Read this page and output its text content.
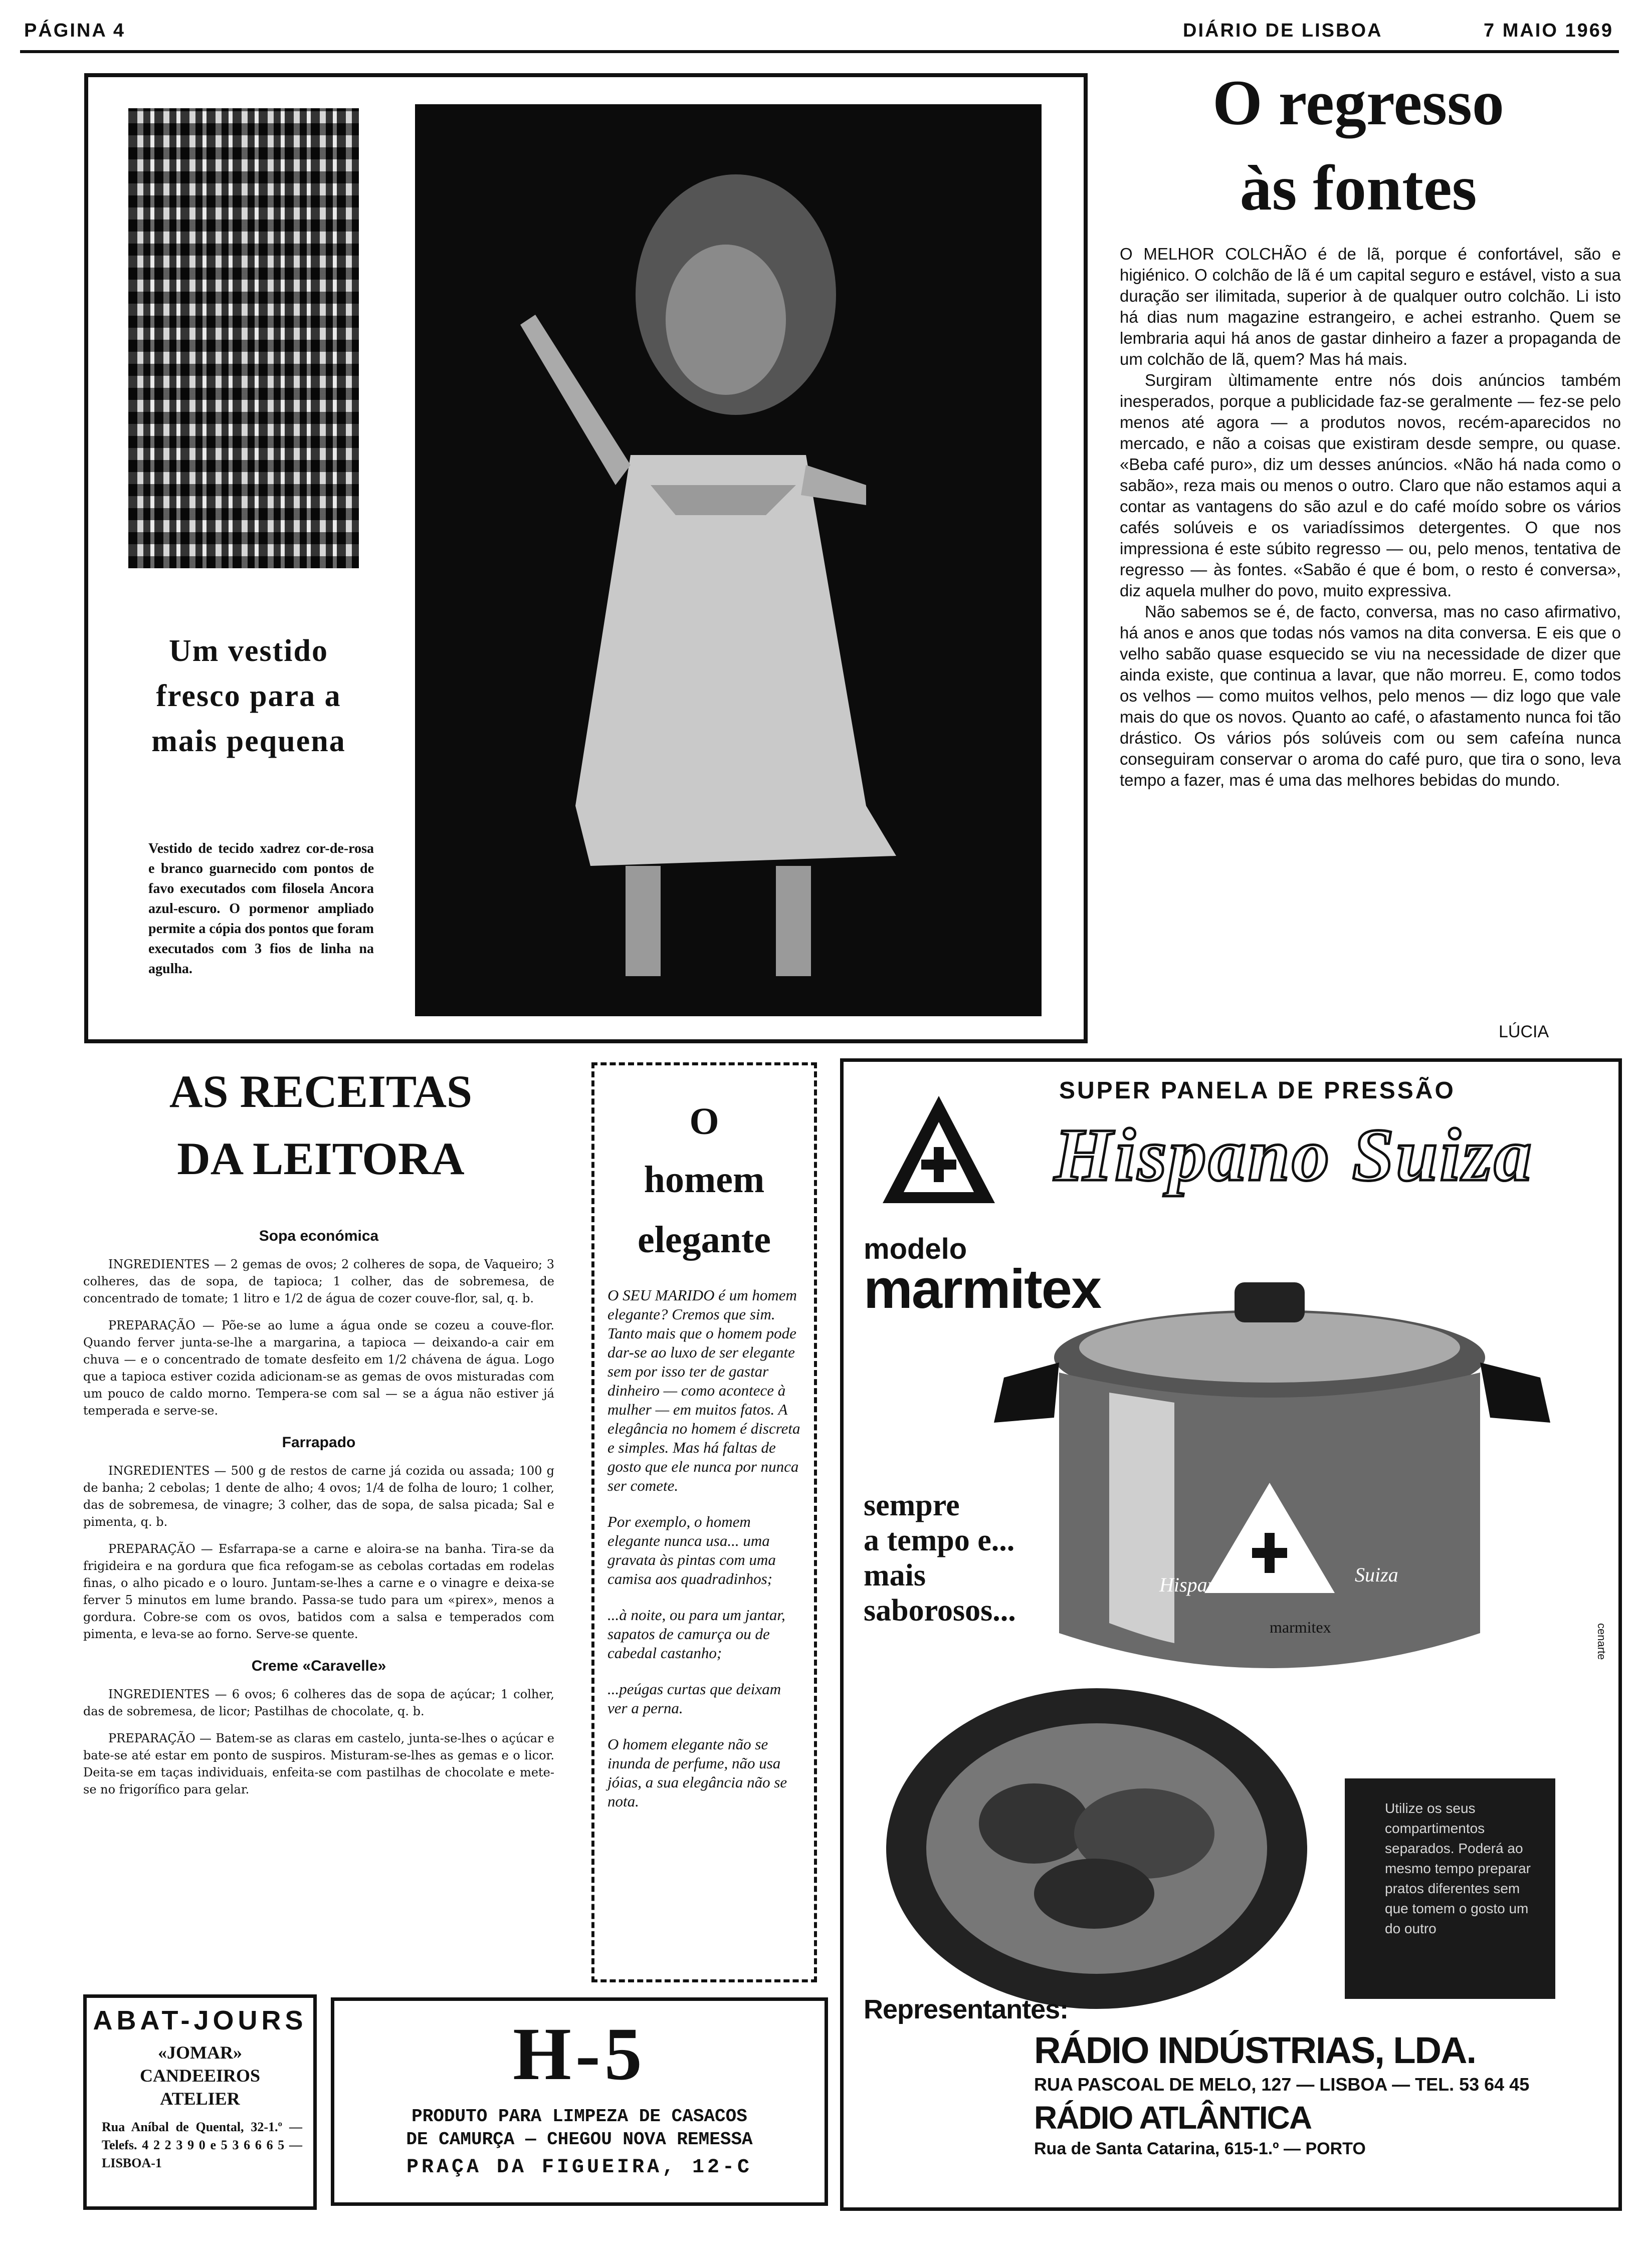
PÁGINA 4	DIÁRIO DE LISBOA	7 MAIO 1969
Um vestido fresco para a mais pequena
Vestido de tecido xadrez cor-de-rosa e branco guarnecido com pontos de favo executados com filosela Ancora azul-escuro. O pormenor ampliado permite a cópia dos pontos que foram executados com 3 fios de linha na agulha.
O regresso
às fontes

O MELHOR COLCHÃO é de lã, porque é confortável, são e higiénico. O colchão de lã é um capital seguro e estável, visto a sua duração ser ilimitada, superior à de qualquer outro colchão. Li isto há dias num magazine estrangeiro, e achei estranho. Quem se lembraria aqui há anos de gastar dinheiro a fazer a propaganda de um colchão de lã, quem? Mas há mais.

Surgiram ùltimamente entre nós dois anúncios também inesperados, porque a publicidade faz-se geralmente — fez-se pelo menos até agora — a produtos novos, recém-aparecidos no mercado, e não a coisas que existiram desde sempre, ou quase. «Beba café puro», diz um desses anúncios. «Não há nada como o sabão», reza mais ou menos o outro. Claro que não estamos aqui a contar as vantagens do são azul e do café moído sobre os vários cafés solúveis e os variadíssimos detergentes. O que nos impressiona é este súbito regresso — ou, pelo menos, tentativa de regresso — às fontes. «Sabão é que é bom, o resto é conversa», diz aquela mulher do povo, muito expressiva.

Não sabemos se é, de facto, conversa, mas no caso afirmativo, há anos e anos que todas nós vamos na dita conversa. E eis que o velho sabão quase esquecido se viu na necessidade de dizer que ainda existe, que continua a lavar, que não morreu. E, como todos os velhos — como muitos velhos, pelo menos — diz logo que vale mais do que os novos. Quanto ao café, o afastamento nunca foi tão drástico. Os vários pós solúveis com ou sem cafeína nunca conseguiram conservar o aroma do café puro, que tira o sono, leva tempo a fazer, mas é uma das melhores bebidas do mundo.

LÚCIA
AS RECEITAS
DA LEITORA
Sopa económica

INGREDIENTES — 2 gemas de ovos; 2 colheres de sopa, de Vaqueiro; 3 colheres, das de sopa, de tapioca; 1 colher, das de sobremesa, de concentrado de tomate; 1 litro e 1/2 de água de cozer couve-flor, sal, q. b.

PREPARAÇÃO — Põe-se ao lume a água onde se cozeu a couve-flor. Quando ferver junta-se-lhe a margarina, a tapioca — deixando-a cair em chuva — e o concentrado de tomate desfeito em 1/2 chávena de água. Logo que a tapioca estiver cozida adicionam-se as gemas de ovos misturadas com um pouco de caldo morno. Tempera-se com sal — se a água não estiver já temperada e serve-se.

Farrapado

INGREDIENTES — 500 g de restos de carne já cozida ou assada; 100 g de banha; 2 cebolas; 1 dente de alho; 4 ovos; 1/4 de folha de louro; 1 colher, das de sobremesa, de vinagre; 3 colher, das de sopa, de salsa picada; Sal e pimenta, q. b.

PREPARAÇÃO — Esfarrapa-se a carne e aloira-se na banha. Tira-se da frigideira e na gordura que fica refogam-se as cebolas cortadas em rodelas finas, o alho picado e o louro. Juntam-se-lhes a carne e o vinagre e deixa-se ferver 5 minutos em lume brando. Passa-se tudo para um «pirex», menos a gordura. Cobre-se com os ovos, batidos com a salsa e temperados com pimenta, e leva-se ao forno. Serve-se quente.

Creme «Caravelle»

INGREDIENTES — 6 ovos; 6 colheres das de sopa de açúcar; 1 colher, das de sobremesa, de licor; Pastilhas de chocolate, q. b.

PREPARAÇÃO — Batem-se as claras em castelo, junta-se-lhes o açúcar e bate-se até estar em ponto de suspiros. Misturam-se-lhes as gemas e o licor. Deita-se em taças individuais, enfeita-se com pastilhas de chocolate e mete-se no frigorífico para gelar.

O
homem
elegante

O SEU MARIDO é um homem elegante? Cremos que sim. Tanto mais que o homem pode dar-se ao luxo de ser elegante sem por isso ter de gastar dinheiro — como acontece à mulher — em muitos fatos. A elegância no homem é discreta e simples. Mas há faltas de gosto que ele nunca por nunca ser comete.

Por exemplo, o homem elegante nunca usa... uma gravata às pintas com uma camisa aos quadradinhos;

...à noite, ou para um jantar, sapatos de camurça ou de cabedal castanho;

...peúgas curtas que deixam ver a perna.

O homem elegante não se inunda de perfume, não usa jóias, a sua elegância não se nota.

SUPER PANELA DE PRESSÃO
Hispano Suiza
modelo
marmitex
sempre
a tempo e...
mais
saborosos...
Hispano	Suiza
marmitex
Utilize os seus compartimentos separados. Poderá ao mesmo tempo preparar pratos diferentes sem que tomem o gosto um do outro
cenarte
Representantes:
RÁDIO INDÚSTRIAS, LDA.
RUA PASCOAL DE MELO, 127 — LISBOA — TEL. 53 64 45
RÁDIO ATLÂNTICA
Rua de Santa Catarina, 615-1.º — PORTO
ABAT-JOURS
«JOMAR»
CANDEEIROS
ATELIER
Rua Aníbal de Quental, 32-1.º — Telefs. 4 2 2 3 9 0 e 5 3 6 6 6 5 — LISBOA-1
H-5
PRODUTO PARA LIMPEZA DE CASACOS
DE CAMURÇA — CHEGOU NOVA REMESSA
PRAÇA DA FIGUEIRA, 12-C
